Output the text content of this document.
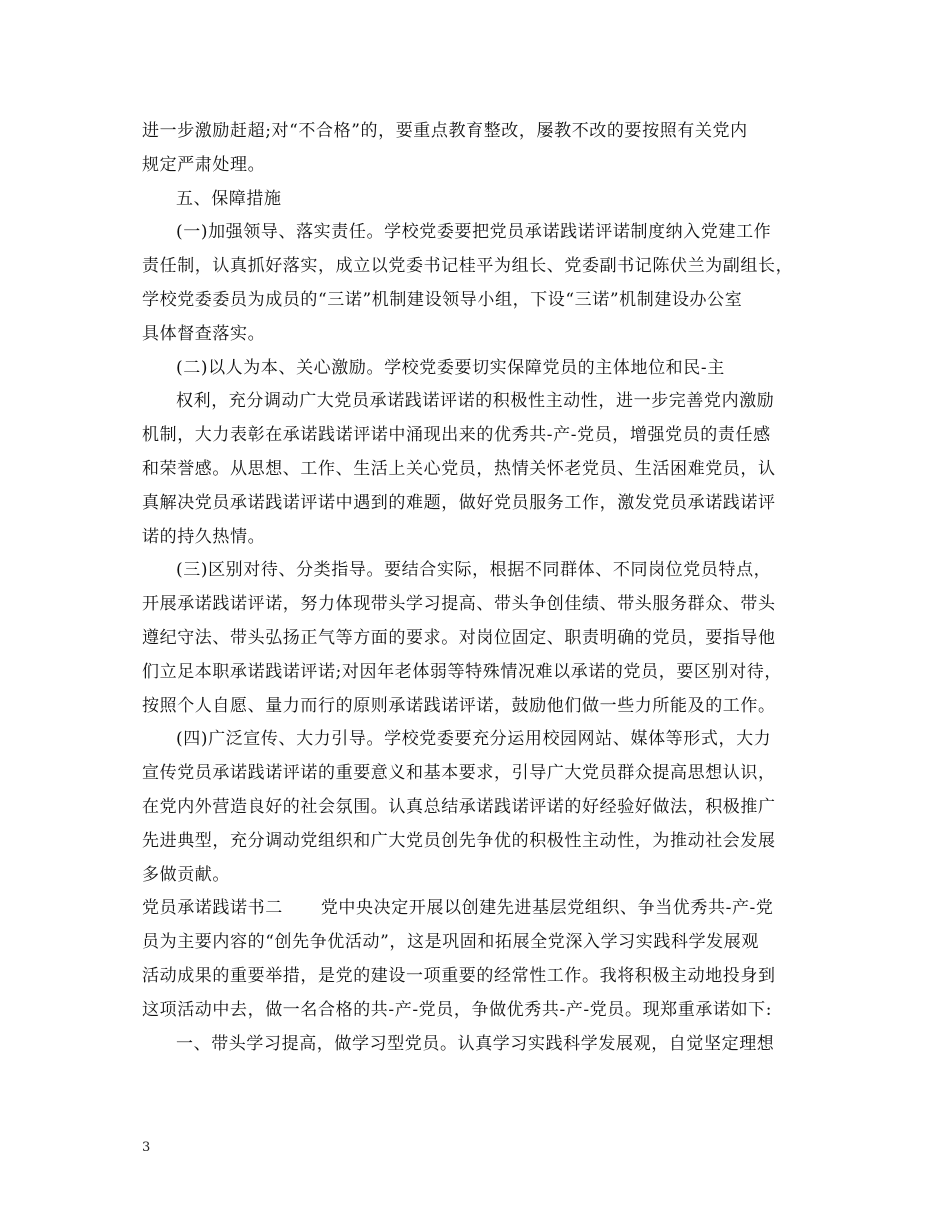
进一步激励赶超;对“不合格”的，要重点教育整改，屡教不改的要按照有关党内
规定严肃处理。
五、保障措施
(一)加强领导、落实责任。学校党委要把党员承诺践诺评诺制度纳入党建工作
责任制，认真抓好落实，成立以党委书记桂平为组长、党委副书记陈伏兰为副组长，
学校党委委员为成员的“三诺”机制建设领导小组，下设“三诺”机制建设办公室
具体督查落实。
(二)以人为本、关心激励。学校党委要切实保障党员的主体地位和民-主
权利，充分调动广大党员承诺践诺评诺的积极性主动性，进一步完善党内激励
机制，大力表彰在承诺践诺评诺中涌现出来的优秀共-产-党员，增强党员的责任感
和荣誉感。从思想、工作、生活上关心党员，热情关怀老党员、生活困难党员，认
真解决党员承诺践诺评诺中遇到的难题，做好党员服务工作，激发党员承诺践诺评
诺的持久热情。
(三)区别对待、分类指导。要结合实际，根据不同群体、不同岗位党员特点，
开展承诺践诺评诺，努力体现带头学习提高、带头争创佳绩、带头服务群众、带头
遵纪守法、带头弘扬正气等方面的要求。对岗位固定、职责明确的党员，要指导他
们立足本职承诺践诺评诺;对因年老体弱等特殊情况难以承诺的党员，要区别对待，
按照个人自愿、量力而行的原则承诺践诺评诺，鼓励他们做一些力所能及的工作。
(四)广泛宣传、大力引导。学校党委要充分运用校园网站、媒体等形式，大力
宣传党员承诺践诺评诺的重要意义和基本要求，引导广大党员群众提高思想认识，
在党内外营造良好的社会氛围。认真总结承诺践诺评诺的好经验好做法，积极推广
先进典型，充分调动党组织和广大党员创先争优的积极性主动性，为推动社会发展
多做贡献。
党员承诺践诺书二 党中央决定开展以创建先进基层党组织、争当优秀共-产-党
员为主要内容的“创先争优活动”，这是巩固和拓展全党深入学习实践科学发展观
活动成果的重要举措，是党的建设一项重要的经常性工作。我将积极主动地投身到
这项活动中去，做一名合格的共-产-党员，争做优秀共-产-党员。现郑重承诺如下:
一、带头学习提高，做学习型党员。认真学习实践科学发展观，自觉坚定理想
3
